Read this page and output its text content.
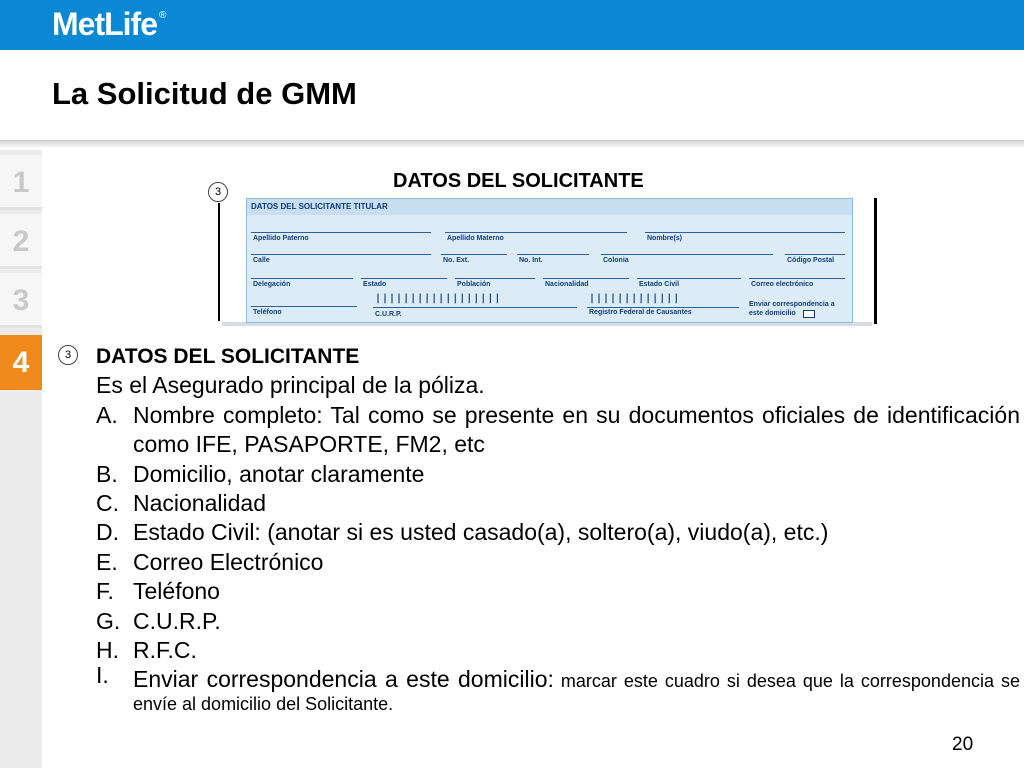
MetLife ®
La Solicitud de GMM
1
2
3
4
DATOS DEL SOLICITANTE
3
DATOS DEL SOLICITANTE TITULAR
Apellido Paterno	Apellido Materno	Nombre(s)
Calle	No. Ext.	No. Int.	Colonia	Código Postal
Delegación	Estado	Población	Nacionalidad	Estado Civil	Correo electrónico
||||||||||||||||||	|||||||||||||
Teléfono	C.U.R.P.	Registro Federal de Causantes
Enviar correspondencia a
este domicilio
3	DATOS DEL SOLICITANTE
Es el Asegurado principal de la póliza.
A. Nombre completo: Tal como se presente en su documentos oficiales de identificación como IFE, PASAPORTE, FM2, etc
B. Domicilio, anotar claramente
C. Nacionalidad
D. Estado Civil: (anotar si es usted casado(a), soltero(a), viudo(a), etc.)
E. Correo Electrónico
F. Teléfono
G. C.U.R.P.
H. R.F.C.
I. Enviar correspondencia a este domicilio: marcar este cuadro si desea que la correspondencia se envíe al domicilio del Solicitante.
20
